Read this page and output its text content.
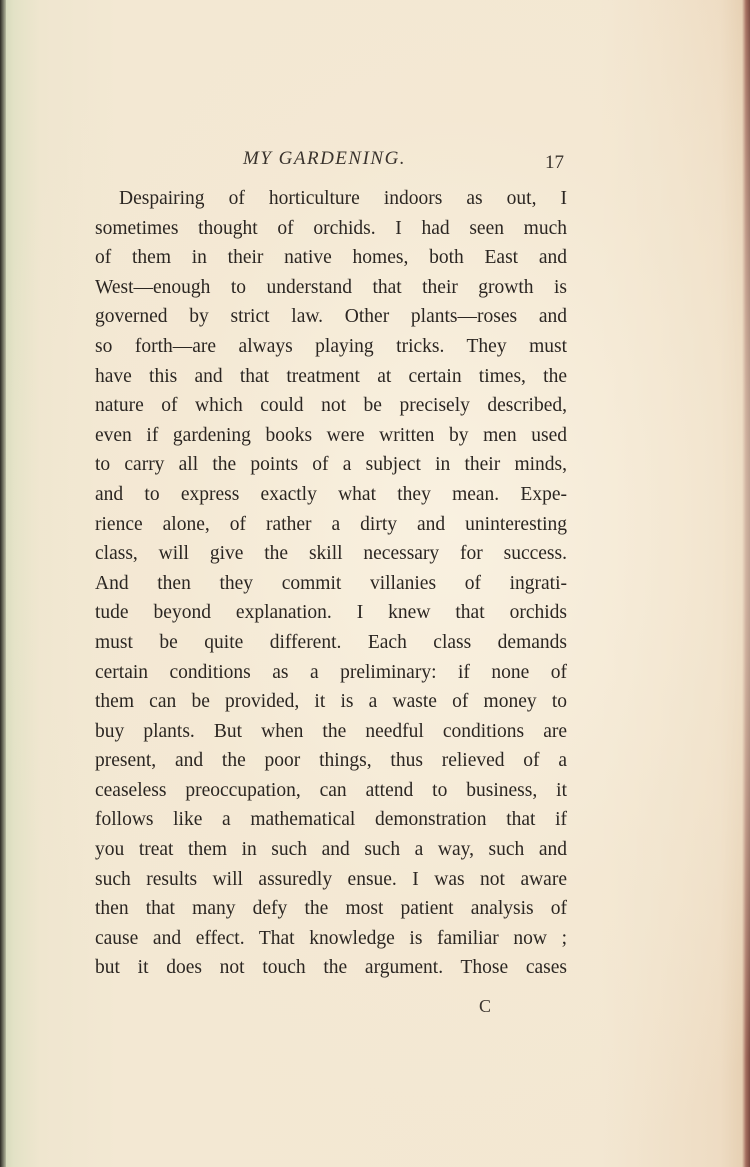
MY GARDENING.	17
Despairing of horticulture indoors as out, I
sometimes thought of orchids. I had seen much
of them in their native homes, both East and
West—enough to understand that their growth is
governed by strict law. Other plants—roses and
so forth—are always playing tricks. They must
have this and that treatment at certain times, the
nature of which could not be precisely described,
even if gardening books were written by men used
to carry all the points of a subject in their minds,
and to express exactly what they mean. Expe-
rience alone, of rather a dirty and uninteresting
class, will give the skill necessary for success.
And then they commit villanies of ingrati-
tude beyond explanation. I knew that orchids
must be quite different. Each class demands
certain conditions as a preliminary: if none of
them can be provided, it is a waste of money to
buy plants. But when the needful conditions are
present, and the poor things, thus relieved of a
ceaseless preoccupation, can attend to business, it
follows like a mathematical demonstration that if
you treat them in such and such a way, such and
such results will assuredly ensue. I was not aware
then that many defy the most patient analysis of
cause and effect. That knowledge is familiar now ;
but it does not touch the argument. Those cases
C
